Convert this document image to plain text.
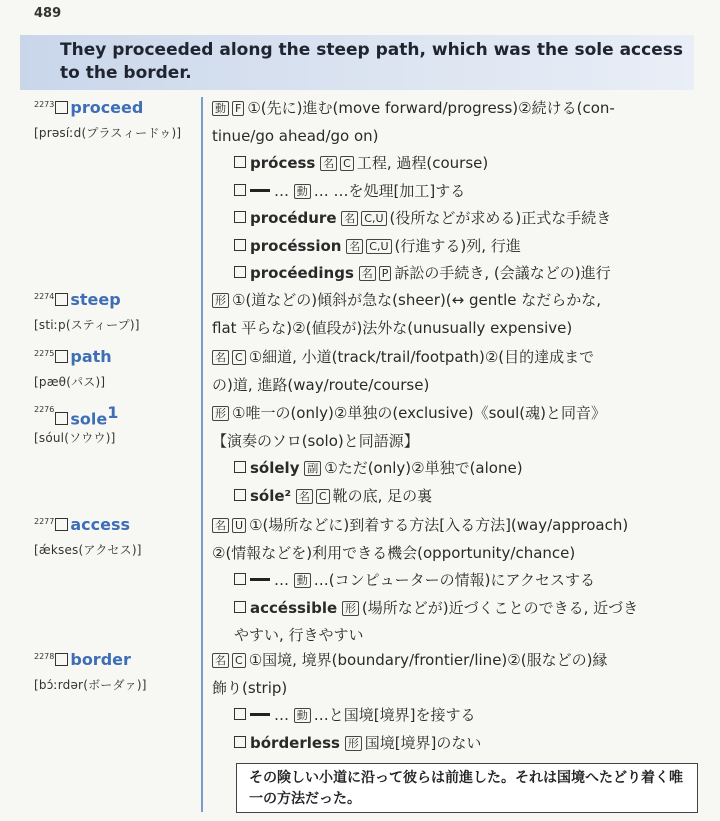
489
They proceeded along the steep path, which was the sole access to the border.
$^{2273}$ proceed
[prəsíːd(プラスィードゥ)]
動 F ①(先に)進む(move forward/progress)②続ける(con-
tinue/go ahead/go on)
prócess 名 C 工程, 過程(course)
… 動 … …を処理[加工]する
procédure 名 C,U (役所などが求める)正式な手続き
procéssion 名 C,U (行進する)列, 行進
procéedings 名 P 訴訟の手続き, (会議などの)進行
$^{2274}$ steep
[stiːp(スティープ)]
形 ①(道などの)傾斜が急な(sheer)(↔ gentle なだらかな,
flat 平らな)②(値段が)法外な(unusually expensive)
$^{2275}$ path
[pæθ(パス)]
名 C ①細道, 小道(track/trail/footpath)②(目的達成まで
の)道, 進路(way/route/course)
$^{2276}$ sole$^1$
[sóul(ソウウ)]
形 ①唯一の(only)②単独の(exclusive)《soul(魂)と同音》
【演奏のソロ(solo)と同語源】
sólely 副 ①ただ(only)②単独で(alone)
sóle² 名 C 靴の底, 足の裏
$^{2277}$ access
[ǽkses(アクセス)]
名 U ①(場所などに)到着する方法[入る方法](way/approach)
②(情報などを)利用できる機会(opportunity/chance)
… 動 …(コンピューターの情報)にアクセスする
accéssible 形 (場所などが)近づくことのできる, 近づき
やすい, 行きやすい
$^{2278}$ border
[bɔ́ːrdər(ボーダァ)]
名 C ①国境, 境界(boundary/frontier/line)②(服などの)縁
飾り(strip)
… 動 …と国境[境界]を接する
bórderless 形 国境[境界]のない
その険しい小道に沿って彼らは前進した。それは国境へたどり着く唯一の方法だった。
